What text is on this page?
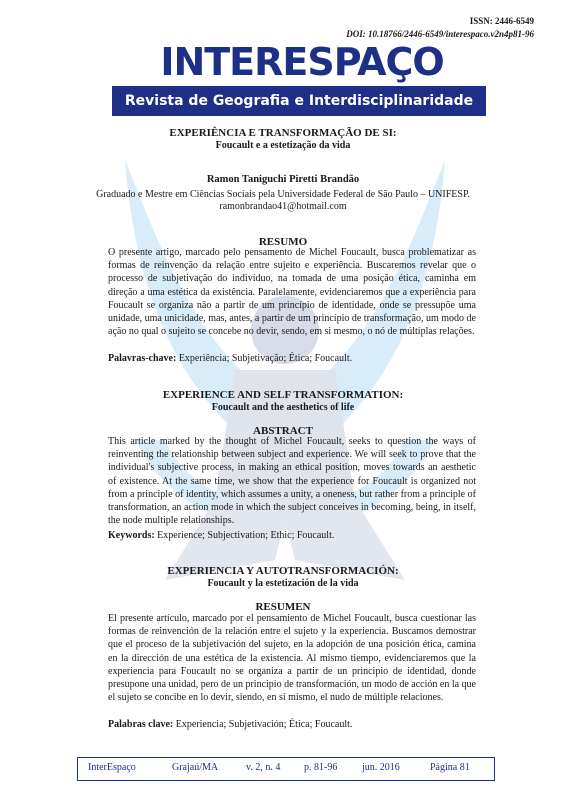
ISSN: 2446-6549
DOI: 10.18766/2446-6549/interespaco.v2n4p81-96
INTERESPAÇO
Revista de Geografia e Interdisciplinaridade
EXPERIÊNCIA E TRANSFORMAÇÃO DE SI:
Foucault e a estetização da vida
Ramon Taniguchi Piretti Brandão
Graduado e Mestre em Ciências Sociais pela Universidade Federal de São Paulo – UNIFESP.
ramonbrandao41@hotmail.com
RESUMO
O presente artigo, marcado pelo pensamento de Michel Foucault, busca problematizar as formas de reinvenção da relação entre sujeito e experiência. Buscaremos revelar que o processo de subjetivação do indivíduo, na tomada de uma posição ética, caminha em direção a uma estética da existência. Paralelamente, evidenciaremos que a experiência para Foucault se organiza não a partir de um princípio de identidade, onde se pressupõe uma unidade, uma unicidade, mas, antes, a partir de um princípio de transformação, um modo de ação no qual o sujeito se concebe no devir, sendo, em si mesmo, o nó de múltiplas relações.
Palavras-chave: Experiência; Subjetivação; Ética; Foucault.
EXPERIENCE AND SELF TRANSFORMATION:
Foucault and the aesthetics of life
ABSTRACT
This article marked by the thought of Michel Foucault, seeks to question the ways of reinventing the relationship between subject and experience. We will seek to prove that the individual's subjective process, in making an ethical position, moves towards an aesthetic of existence. At the same time, we show that the experience for Foucault is organized not from a principle of identity, which assumes a unity, a oneness, but rather from a principle of transformation, an action mode in which the subject conceives in becoming, being, in itself, the node multiple relationships.
Keywords: Experience; Subjectivation; Ethic; Foucault.
EXPERIENCIA Y AUTOTRANSFORMACIÓN:
Foucault y la estetización de la vida
RESUMEN
El presente artículo, marcado por el pensamiento de Michel Foucault, busca cuestionar las formas de reinvención de la relación entre el sujeto y la experiencia. Buscamos demostrar que el proceso de la subjetivación del sujeto, en la adopción de una posición ética, camina en la dirección de una estética de la existencia. Al mismo tiempo, evidenciaremos que la experiencia para Foucault no se organiza a partir de un principio de identidad, donde presupone una unidad, pero de un principio de transformación, un modo de acción en la que el sujeto se concibe en lo devir, siendo, en sí mismo, el nudo de múltiple relaciones.
Palabras clave: Experiencia; Subjetivación; Ética; Foucault.
InterEspaço	Grajaú/MA	v. 2, n. 4 p. 81-96 jun. 2016	Página 81
